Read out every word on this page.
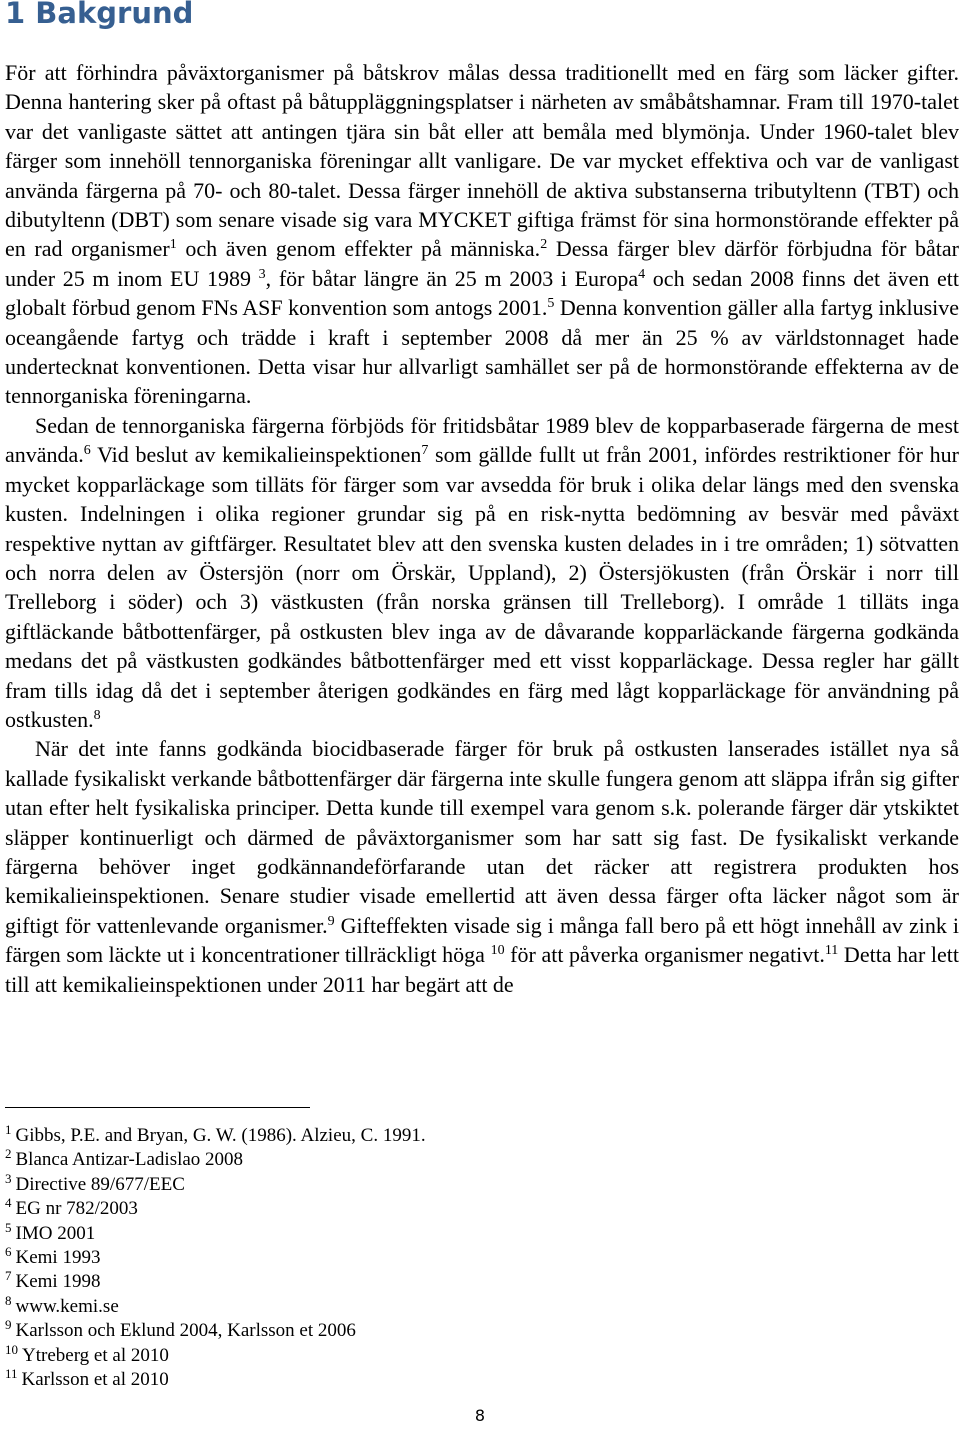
1 Bakgrund

För att förhindra påväxtorganismer på båtskrov målas dessa traditionellt med en färg som läcker gifter. Denna hantering sker på oftast på båtuppläggningsplatser i närheten av småbåtshamnar. Fram till 1970-talet var det vanligaste sättet att antingen tjära sin båt eller att bemåla med blymönja. Under 1960-talet blev färger som innehöll tennorganiska föreningar allt vanligare. De var mycket effektiva och var de vanligast använda färgerna på 70- och 80-talet. Dessa färger innehöll de aktiva substanserna tributyltenn (TBT) och dibutyltenn (DBT) som senare visade sig vara MYCKET giftiga främst för sina hormonstörande effekter på en rad organismer$^1$ och även genom effekter på människa.$^2$ Dessa färger blev därför förbjudna för båtar under 25 m inom EU 1989 $^3$, för båtar längre än 25 m 2003 i Europa$^4$ och sedan 2008 finns det även ett globalt förbud genom FNs ASF konvention som antogs 2001.$^5$ Denna konvention gäller alla fartyg inklusive oceangående fartyg och trädde i kraft i september 2008 då mer än 25 % av världstonnaget hade undertecknat konventionen. Detta visar hur allvarligt samhället ser på de hormonstörande effekterna av de tennorganiska föreningarna.

Sedan de tennorganiska färgerna förbjöds för fritidsbåtar 1989 blev de kopparbaserade färgerna de mest använda.$^6$ Vid beslut av kemikalieinspektionen$^7$ som gällde fullt ut från 2001, infördes restriktioner för hur mycket kopparläckage som tilläts för färger som var avsedda för bruk i olika delar längs med den svenska kusten. Indelningen i olika regioner grundar sig på en risk-nytta bedömning av besvär med påväxt respektive nyttan av giftfärger. Resultatet blev att den svenska kusten delades in i tre områden; 1) sötvatten och norra delen av Östersjön (norr om Örskär, Uppland), 2) Östersjökusten (från Örskär i norr till Trelleborg i söder) och 3) västkusten (från norska gränsen till Trelleborg). I område 1 tilläts inga giftläckande båtbottenfärger, på ostkusten blev inga av de dåvarande kopparläckande färgerna godkända medans det på västkusten godkändes båtbottenfärger med ett visst kopparläckage. Dessa regler har gällt fram tills idag då det i september återigen godkändes en färg med lågt kopparläckage för användning på ostkusten.$^8$

När det inte fanns godkända biocidbaserade färger för bruk på ostkusten lanserades istället nya så kallade fysikaliskt verkande båtbottenfärger där färgerna inte skulle fungera genom att släppa ifrån sig gifter utan efter helt fysikaliska principer. Detta kunde till exempel vara genom s.k. polerande färger där ytskiktet släpper kontinuerligt och därmed de påväxtorganismer som har satt sig fast. De fysikaliskt verkande färgerna behöver inget godkännandeförfarande utan det räcker att registrera produkten hos kemikalieinspektionen. Senare studier visade emellertid att även dessa färger ofta läcker något som är giftigt för vattenlevande organismer.$^9$ Gifteffekten visade sig i många fall bero på ett högt innehåll av zink i färgen som läckte ut i koncentrationer tillräckligt höga $^{10}$ för att påverka organismer negativt.$^{11}$ Detta har lett till att kemikalieinspektionen under 2011 har begärt att de

$^1$ Gibbs, P.E. and Bryan, G. W. (1986). Alzieu, C. 1991.
$^2$ Blanca Antizar-Ladislao 2008
$^3$ Directive 89/677/EEC
$^4$ EG nr 782/2003
$^5$ IMO 2001
$^6$ Kemi 1993
$^7$ Kemi 1998
$^8$ www.kemi.se
$^9$ Karlsson och Eklund 2004, Karlsson et 2006
$^{10}$ Ytreberg et al 2010
$^{11}$ Karlsson et al 2010
8
